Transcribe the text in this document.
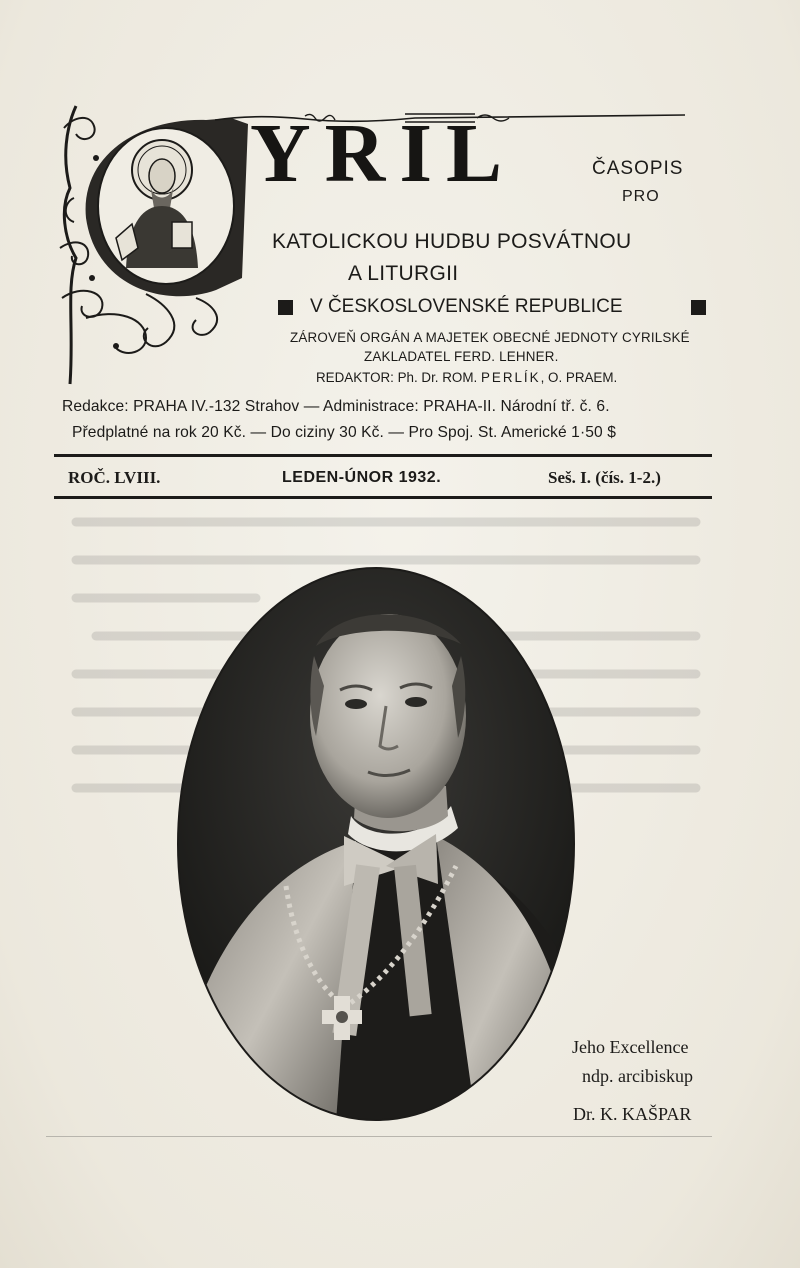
YRIL	ČASOPIS
PRO
KATOLICKOU HUDBU POSVÁTNOU
A LITURGII
V ČESKOSLOVENSKÉ REPUBLICE
ZÁROVEŇ ORGÁN A MAJETEK OBECNÉ JEDNOTY CYRILSKÉ
ZAKLADATEL FERD. LEHNER.
REDAKTOR: Ph. Dr. ROM. PERLÍK, O. PRAEM.
Redakce: PRAHA IV.-132 Strahov — Administrace: PRAHA-II. Národní tř. č. 6.
Předplatné na rok 20 Kč. — Do ciziny 30 Kč. — Pro Spoj. St. Americké 1·50 $
ROČ. LVIII.	LEDEN-ÚNOR 1932.	Seš. I. (čís. 1-2.)
Jeho Excellence
ndp. arcibiskup
Dr. K. KAŠPAR
